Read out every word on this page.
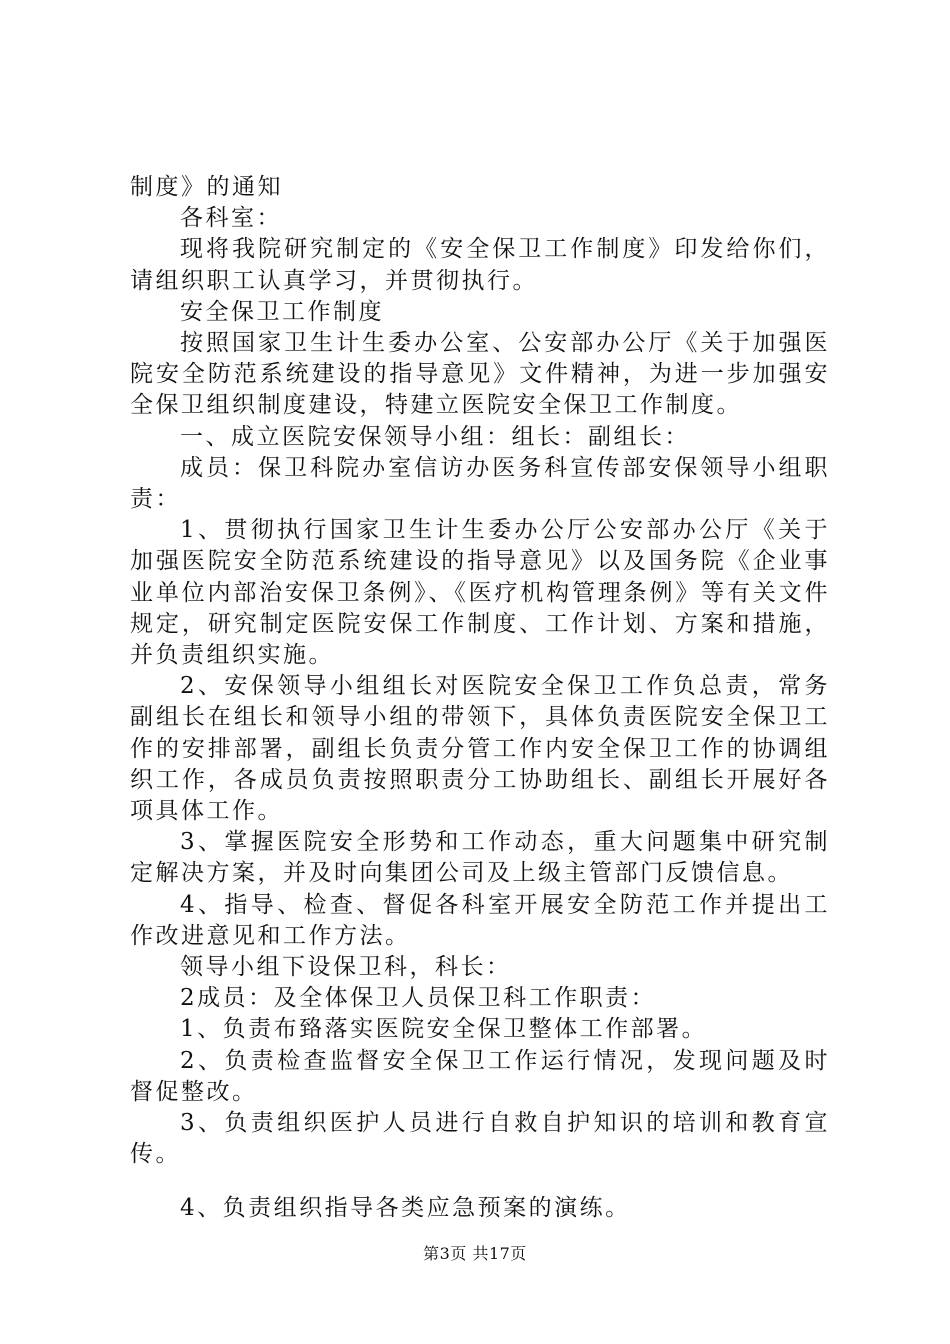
制度》的通知

各科室：

现将我院研究制定的《安全保卫工作制度》印发给你们，请组织职工认真学习，并贯彻执行。

安全保卫工作制度

按照国家卫生计生委办公室、公安部办公厅《关于加强医院安全防范系统建设的指导意见》文件精神，为进一步加强安全保卫组织制度建设，特建立医院安全保卫工作制度。

一、成立医院安保领导小组：组长：副组长：

成员：保卫科院办室信访办医务科宣传部安保领导小组职责：

1、贯彻执行国家卫生计生委办公厅公安部办公厅《关于加强医院安全防范系统建设的指导意见》以及国务院《企业事业单位内部治安保卫条例》、《医疗机构管理条例》等有关文件规定，研究制定医院安保工作制度、工作计划、方案和措施，并负责组织实施。

2、安保领导小组组长对医院安全保卫工作负总责，常务副组长在组长和领导小组的带领下，具体负责医院安全保卫工作的安排部署，副组长负责分管工作内安全保卫工作的协调组织工作，各成员负责按照职责分工协助组长、副组长开展好各项具体工作。

3、掌握医院安全形势和工作动态，重大问题集中研究制定解决方案，并及时向集团公司及上级主管部门反馈信息。

4、指导、检查、督促各科室开展安全防范工作并提出工作改进意见和工作方法。

领导小组下设保卫科，科长：

2成员：及全体保卫人员保卫科工作职责：

1、负责布臵落实医院安全保卫整体工作部署。

2、负责检查监督安全保卫工作运行情况，发现问题及时督促整改。

3、负责组织医护人员进行自救自护知识的培训和教育宣传。

4、负责组织指导各类应急预案的演练。

第3页 共17页
